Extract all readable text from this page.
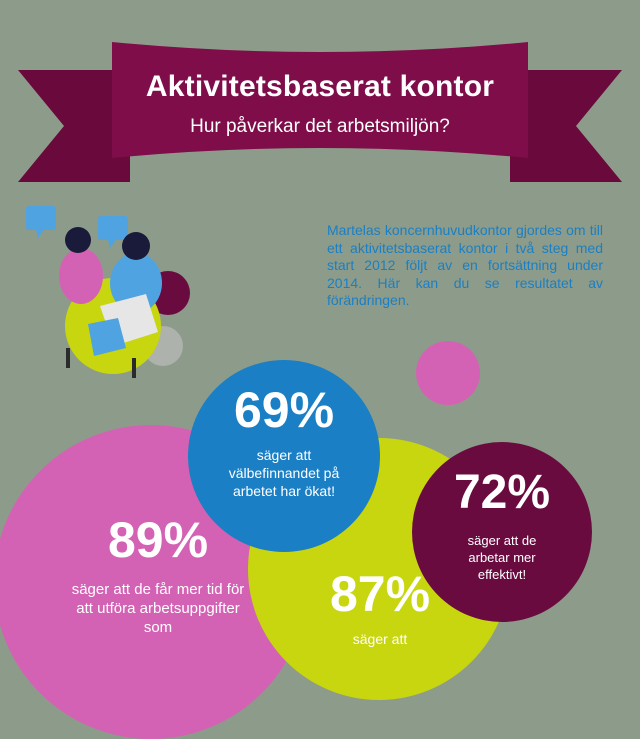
Aktivitetsbaserat kontor
Hur påverkar det arbetsmiljön?
Martelas koncernhuvudkontor gjordes om till ett aktivitetsbaserat kontor i två steg med start 2012 följt av en fortsättning under 2014. Här kan du se resultatet av förändringen.
69%
säger att välbefinnandet på arbetet har ökat!	72%
säger att de arbetar mer effektivt!
89%
säger att de får mer tid för att utföra arbetsuppgifter som
87%
säger att
